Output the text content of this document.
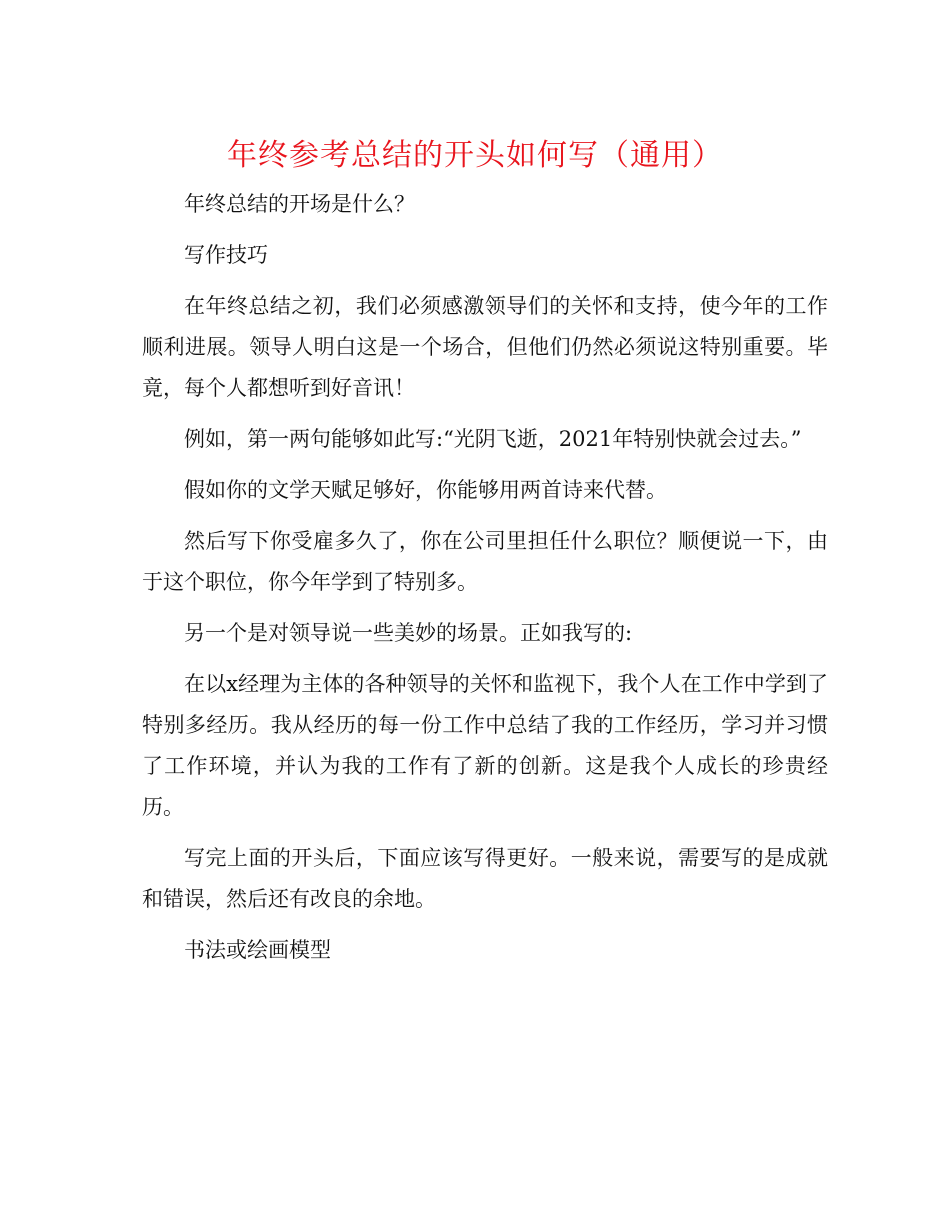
年终参考总结的开头如何写（通用）

年终总结的开场是什么？

写作技巧

在年终总结之初，我们必须感激领导们的关怀和支持，使今年的工作顺利进展。领导人明白这是一个场合，但他们仍然必须说这特别重要。毕竟，每个人都想听到好音讯！

例如，第一两句能够如此写:“光阴飞逝，2021年特别快就会过去。”

假如你的文学天赋足够好，你能够用两首诗来代替。

然后写下你受雇多久了，你在公司里担任什么职位？顺便说一下，由于这个职位，你今年学到了特别多。

另一个是对领导说一些美妙的场景。正如我写的:

在以x经理为主体的各种领导的关怀和监视下，我个人在工作中学到了特别多经历。我从经历的每一份工作中总结了我的工作经历，学习并习惯了工作环境，并认为我的工作有了新的创新。这是我个人成长的珍贵经历。

写完上面的开头后，下面应该写得更好。一般来说，需要写的是成就和错误，然后还有改良的余地。

书法或绘画模型
